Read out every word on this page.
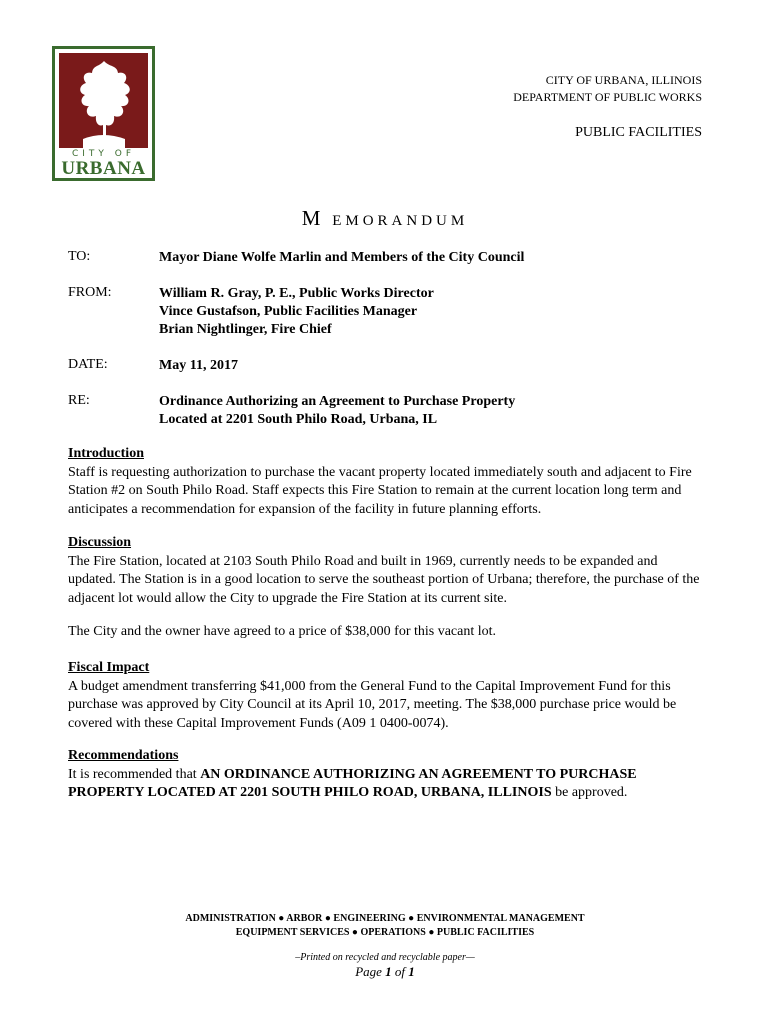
CITY OF
URBANA
CITY OF URBANA, ILLINOIS
DEPARTMENT OF PUBLIC WORKS
PUBLIC FACILITIES
M EMORANDUM
TO:	Mayor Diane Wolfe Marlin and Members of the City Council
FROM:	William R. Gray, P. E., Public Works Director
Vince Gustafson, Public Facilities Manager
Brian Nightlinger, Fire Chief
DATE:	May 11, 2017
RE:	Ordinance Authorizing an Agreement to Purchase Property
Located at 2201 South Philo Road, Urbana, IL
Introduction
Staff is requesting authorization to purchase the vacant property located immediately south and adjacent to Fire Station #2 on South Philo Road. Staff expects this Fire Station to remain at the current location long term and anticipates a recommendation for expansion of the facility in future planning efforts.
Discussion
The Fire Station, located at 2103 South Philo Road and built in 1969, currently needs to be expanded and updated. The Station is in a good location to serve the southeast portion of Urbana; therefore, the purchase of the adjacent lot would allow the City to upgrade the Fire Station at its current site.
The City and the owner have agreed to a price of $38,000 for this vacant lot.
Fiscal Impact
A budget amendment transferring $41,000 from the General Fund to the Capital Improvement Fund for this purchase was approved by City Council at its April 10, 2017, meeting. The $38,000 purchase price would be covered with these Capital Improvement Funds (A09 1 0400-0074).
Recommendations
It is recommended that AN ORDINANCE AUTHORIZING AN AGREEMENT TO PURCHASE PROPERTY LOCATED AT 2201 SOUTH PHILO ROAD, URBANA, ILLINOIS be approved.
ADMINISTRATION ● ARBOR ● ENGINEERING ● ENVIRONMENTAL MANAGEMENT
EQUIPMENT SERVICES ● OPERATIONS ● PUBLIC FACILITIES
–Printed on recycled and recyclable paper—
Page 1 of 1
